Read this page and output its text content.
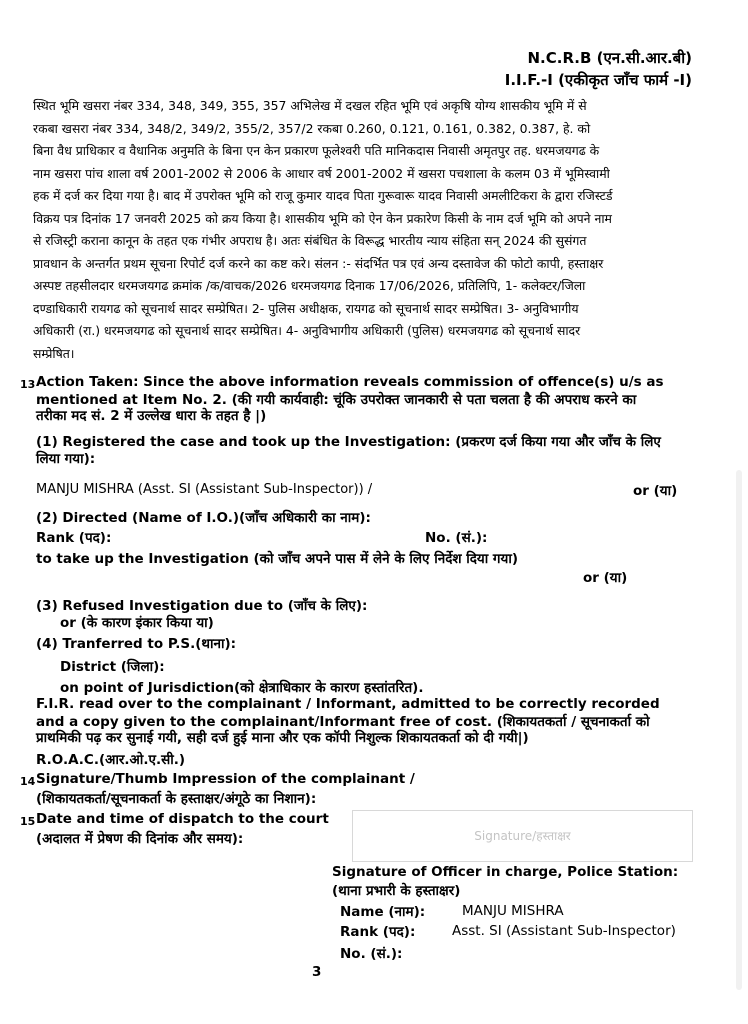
N.C.R.B (एन.सी.आर.बी)
I.I.F.-I (एकीकृत जाँच फार्म -I)
स्थित भूमि खसरा नंबर 334, 348, 349, 355, 357 अभिलेख में दखल रहित भूमि एवं अकृषि योग्य शासकीय भूमि में से
रकबा खसरा नंबर 334, 348/2, 349/2, 355/2, 357/2 रकबा 0.260, 0.121, 0.161, 0.382, 0.387, हे. को
बिना वैध प्राधिकार व वैधानिक अनुमति के बिना एन केन प्रकारण फूलेश्वरी पति मानिकदास निवासी अमृतपुर तह. धरमजयगढ के
नाम खसरा पांच शाला वर्ष 2001-2002 से 2006 के आधार वर्ष 2001-2002 में खसरा पचशाला के कलम 03 में भूमिस्वामी
हक में दर्ज कर दिया गया है। बाद में उपरोक्त भूमि को राजू कुमार यादव पिता गुरूवारू यादव निवासी अमलीटिकरा के द्वारा रजिस्टर्ड
विक्रय पत्र दिनांक 17 जनवरी 2025 को क्रय किया है। शासकीय भूमि को ऐन केन प्रकारेण किसी के नाम दर्ज भूमि को अपने नाम
से रजिस्ट्री कराना कानून के तहत एक गंभीर अपराध है। अतः संबंधित के विरूद्ध भारतीय न्याय संहिता सन् 2024 की सुसंगत
प्रावधान के अन्तर्गत प्रथम सूचना रिपोर्ट दर्ज करने का कष्ट करे। संलन :- संदर्भित पत्र एवं अन्य दस्तावेज की फोटो कापी, हस्ताक्षर
अस्पष्ट तहसीलदार धरमजयगढ क्रमांक /क/वाचक/2026 धरमजयगढ दिनाक 17/06/2026, प्रतिलिपि, 1- कलेक्टर/जिला
दण्डाधिकारी रायगढ को सूचनार्थ सादर सम्प्रेषित। 2- पुलिस अधीक्षक, रायगढ को सूचनार्थ सादर सम्प्रेषित। 3- अनुविभागीय
अधिकारी (रा.) धरमजयगढ को सूचनार्थ सादर सम्प्रेषित। 4- अनुविभागीय अधिकारी (पुलिस) धरमजयगढ को सूचनार्थ सादर
सम्प्रेषित।
13 Action Taken: Since the above information reveals commission of offence(s) u/s as
mentioned at Item No. 2. (की गयी कार्यवाही: चूंकि उपरोक्त जानकारी से पता चलता है की अपराध करने का
तरीका मद सं. 2 में उल्लेख धारा के तहत है |)
(1) Registered the case and took up the Investigation: (प्रकरण दर्ज किया गया और जाँच के लिए
लिया गया):
MANJU MISHRA (Asst. SI (Assistant Sub-Inspector)) /	or (या)
(2) Directed (Name of I.O.)(जाँच अधिकारी का नाम):
Rank (पद):	No. (सं.):
to take up the Investigation (को जाँच अपने पास में लेने के लिए निर्देश दिया गया)
or (या)
(3) Refused Investigation due to (जाँच के लिए):
or (के कारण इंकार किया या)
(4) Tranferred to P.S.(थाना):
District (जिला):
on point of Jurisdiction(को क्षेत्राधिकार के कारण हस्तांतरित).
F.I.R. read over to the complainant / Informant, admitted to be correctly recorded
and a copy given to the complainant/Informant free of cost. (शिकायतकर्ता / सूचनाकर्ता को
प्राथमिकी पढ़ कर सुनाई गयी, सही दर्ज हुई माना और एक कॉपी निशुल्क शिकायतकर्ता को दी गयी|)
R.O.A.C.(आर.ओ.ए.सी.)
14 Signature/Thumb Impression of the complainant /
(शिकायतकर्ता/सूचनाकर्ता के हस्ताक्षर/अंगूठे का निशान):
15 Date and time of dispatch to the court
(अदालत में प्रेषण की दिनांक और समय):	Signature/हस्ताक्षर
Signature of Officer in charge, Police Station:
(थाना प्रभारी के हस्ताक्षर)
Name (नाम):	MANJU MISHRA
Rank (पद):	Asst. SI (Assistant Sub-Inspector)
No. (सं.):
3
